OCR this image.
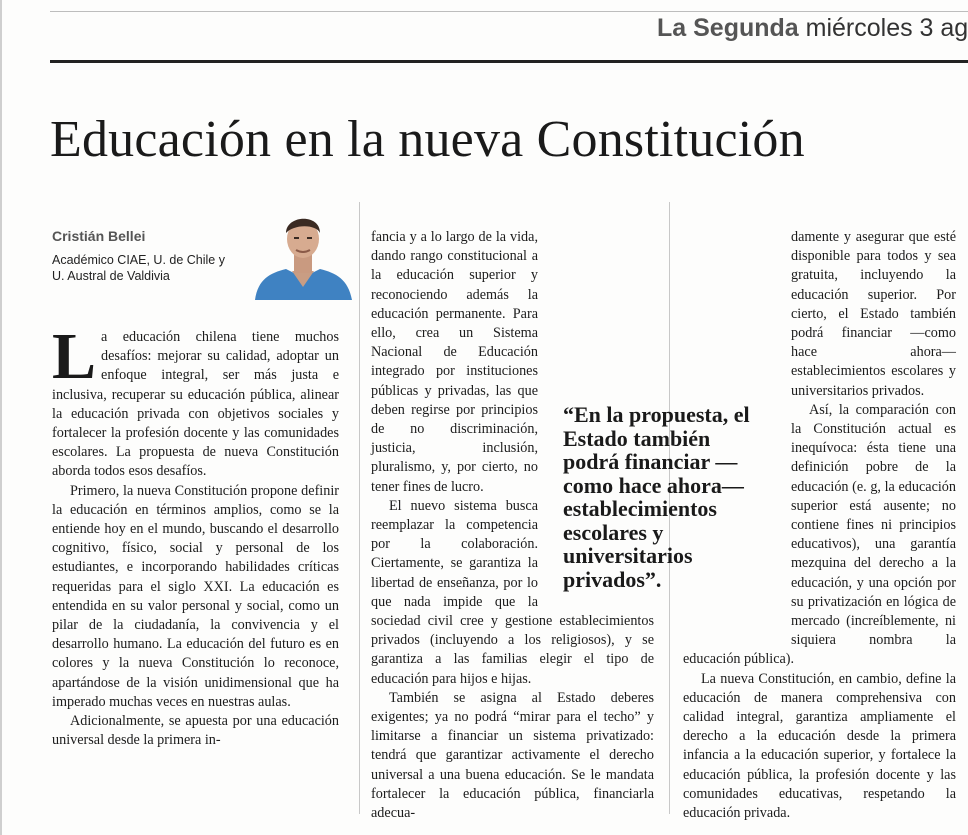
La Segunda miércoles 3 ag
Educación en la nueva Constitución
Cristián Bellei
Académico CIAE, U. de Chile y
U. Austral de Valdivia

La educación chilena tiene muchos desafíos: mejorar su calidad, adoptar un enfoque integral, ser más justa e inclusiva, recuperar su educación pública, alinear la educación privada con objetivos sociales y fortalecer la profesión docente y las comunidades escolares. La propuesta de nueva Constitución aborda todos esos desafíos.

Primero, la nueva Constitución propone definir la educación en términos amplios, como se la entiende hoy en el mundo, buscando el desarrollo cognitivo, físico, social y personal de los estudiantes, e incorporando habilidades críticas requeridas para el siglo XXI. La educación es entendida en su valor personal y social, como un pilar de la ciudadanía, la convivencia y el desarrollo humano. La educación del futuro es en colores y la nueva Constitución lo reconoce, apartándose de la visión unidimensional que ha imperado muchas veces en nuestras aulas.

Adicionalmente, se apuesta por una educación universal desde la primera in-

fancia y a lo largo de la vida, dando rango constitucional a la educación superior y reconociendo además la educación permanente. Para ello, crea un Sistema Nacional de Educación integrado por instituciones públicas y privadas, las que deben regirse por principios de no discriminación, justicia, inclusión, pluralismo, y, por cierto, no tener fines de lucro.

El nuevo sistema busca reemplazar la competencia por la colaboración. Ciertamente, se garantiza la libertad de enseñanza, por lo que nada impide que la sociedad civil cree y gestione establecimientos privados (incluyendo a los religiosos), y se garantiza a las familias elegir el tipo de educación para hijos e hijas.

También se asigna al Estado deberes exigentes; ya no podrá “mirar para el techo” y limitarse a financiar un sistema privatizado: tendrá que garantizar activamente el derecho universal a una buena educación. Se le mandata fortalecer la educación pública, financiarla adecua-

damente y asegurar que esté disponible para todos y sea gratuita, incluyendo la educación superior. Por cierto, el Estado también podrá financiar —como hace ahora— establecimientos escolares y universitarios privados.

Así, la comparación con la Constitución actual es inequívoca: ésta tiene una definición pobre de la educación (e. g, la educación superior está ausente; no contiene fines ni principios educativos), una garantía mezquina del derecho a la educación, y una opción por su privatización en lógica de mercado (increíblemente, ni siquiera nombra la educación pública).

La nueva Constitución, en cambio, define la educación de manera comprehensiva con calidad integral, garantiza ampliamente el derecho a la educación desde la primera infancia a la educación superior, y fortalece la educación pública, la profesión docente y las comunidades educativas, respetando la educación privada.

“En la propuesta, el Estado también podrá financiar —como hace ahora— establecimientos escolares y universitarios privados”.
